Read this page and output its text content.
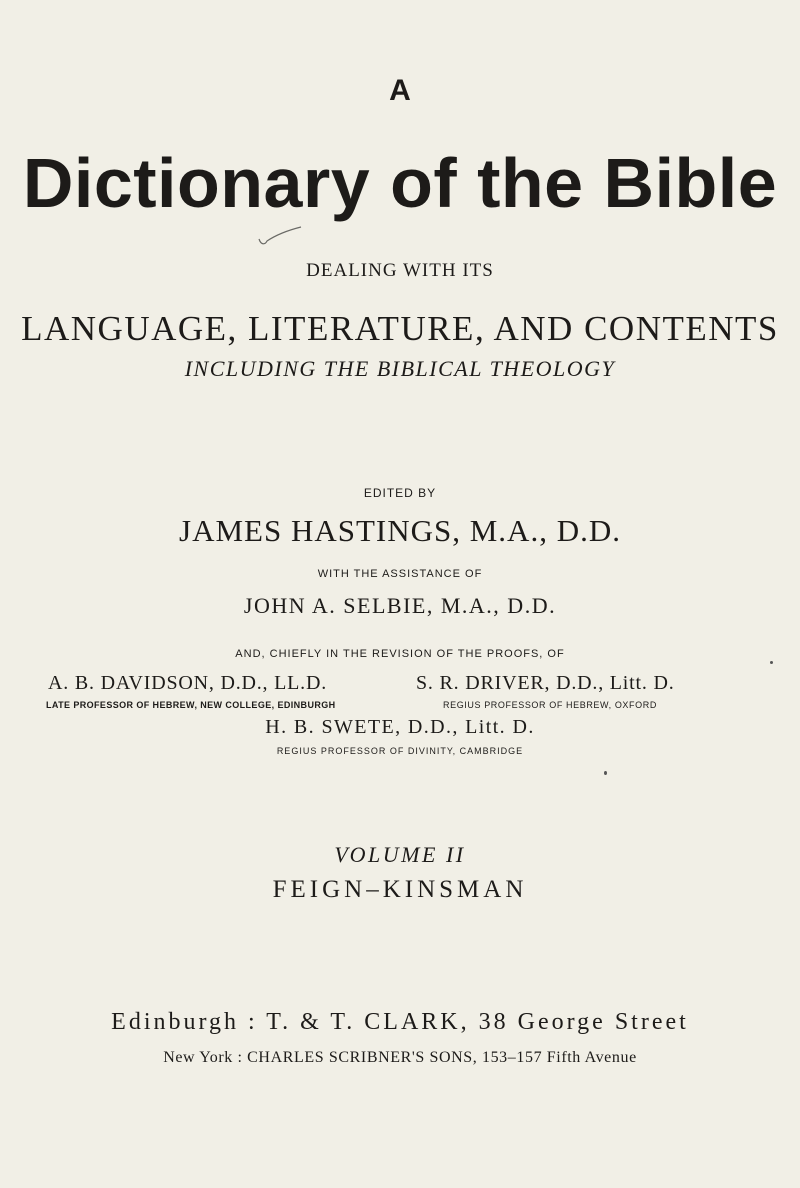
A

Dictionary of the Bible

DEALING WITH ITS

LANGUAGE, LITERATURE, AND CONTENTS

INCLUDING THE BIBLICAL THEOLOGY

EDITED BY

JAMES HASTINGS, M.A., D.D.

WITH THE ASSISTANCE OF

JOHN A. SELBIE, M.A., D.D.

AND, CHIEFLY IN THE REVISION OF THE PROOFS, OF

A. B. DAVIDSON, D.D., LL.D.

LATE PROFESSOR OF HEBREW, NEW COLLEGE, EDINBURGH

S. R. DRIVER, D.D., Litt. D.

REGIUS PROFESSOR OF HEBREW, OXFORD

H. B. SWETE, D.D., Litt. D.

REGIUS PROFESSOR OF DIVINITY, CAMBRIDGE

VOLUME II

FEIGN–KINSMAN

Edinburgh : T. & T. CLARK, 38 George Street

New York : CHARLES SCRIBNER'S SONS, 153–157 Fifth Avenue
